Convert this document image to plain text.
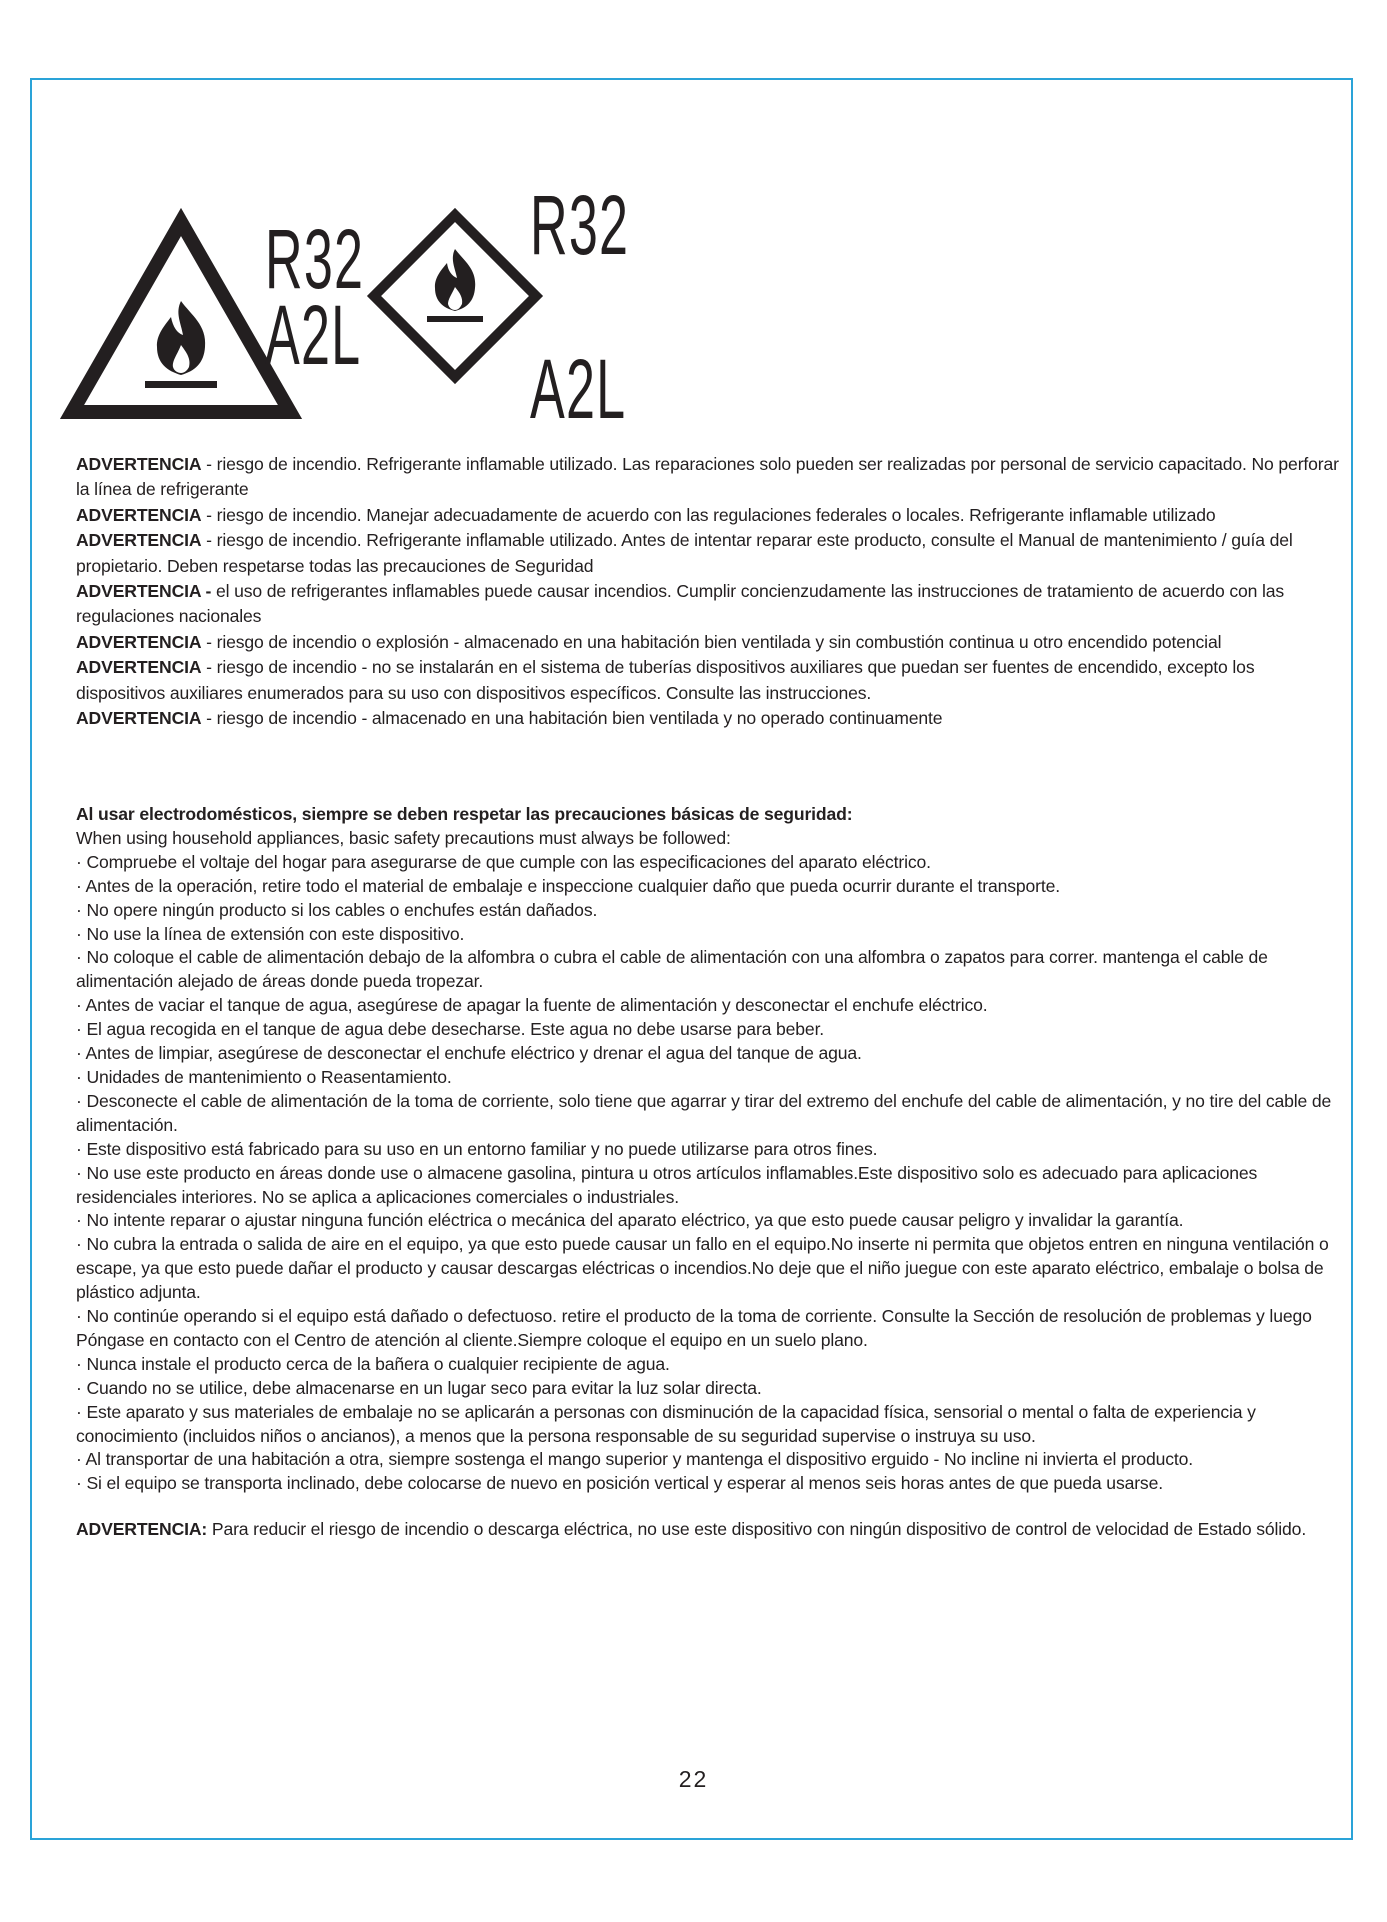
R32
A2L
R32
A2L

ADVERTENCIA - riesgo de incendio. Refrigerante inflamable utilizado. Las reparaciones solo pueden ser realizadas por personal de servicio capacitado. No perforar la línea de refrigerante

ADVERTENCIA - riesgo de incendio. Manejar adecuadamente de acuerdo con las regulaciones federales o locales. Refrigerante inflamable utilizado

ADVERTENCIA - riesgo de incendio. Refrigerante inflamable utilizado. Antes de intentar reparar este producto, consulte el Manual de mantenimiento / guía del propietario. Deben respetarse todas las precauciones de Seguridad

ADVERTENCIA - el uso de refrigerantes inflamables puede causar incendios. Cumplir concienzudamente las instrucciones de tratamiento de acuerdo con las regulaciones nacionales

ADVERTENCIA - riesgo de incendio o explosión - almacenado en una habitación bien ventilada y sin combustión continua u otro encendido potencial

ADVERTENCIA - riesgo de incendio - no se instalarán en el sistema de tuberías dispositivos auxiliares que puedan ser fuentes de encendido, excepto los dispositivos auxiliares enumerados para su uso con dispositivos específicos. Consulte las instrucciones.

ADVERTENCIA - riesgo de incendio - almacenado en una habitación bien ventilada y no operado continuamente

Al usar electrodomésticos, siempre se deben respetar las precauciones básicas de seguridad:

When using household appliances, basic safety precautions must always be followed:

· Compruebe el voltaje del hogar para asegurarse de que cumple con las especificaciones del aparato eléctrico.

· Antes de la operación, retire todo el material de embalaje e inspeccione cualquier daño que pueda ocurrir durante el transporte.

· No opere ningún producto si los cables o enchufes están dañados.

· No use la línea de extensión con este dispositivo.

· No coloque el cable de alimentación debajo de la alfombra o cubra el cable de alimentación con una alfombra o zapatos para correr. mantenga el cable de alimentación alejado de áreas donde pueda tropezar.

· Antes de vaciar el tanque de agua, asegúrese de apagar la fuente de alimentación y desconectar el enchufe eléctrico.

· El agua recogida en el tanque de agua debe desecharse. Este agua no debe usarse para beber.

· Antes de limpiar, asegúrese de desconectar el enchufe eléctrico y drenar el agua del tanque de agua.

· Unidades de mantenimiento o Reasentamiento.

· Desconecte el cable de alimentación de la toma de corriente, solo tiene que agarrar y tirar del extremo del enchufe del cable de alimentación, y no tire del cable de alimentación.

· Este dispositivo está fabricado para su uso en un entorno familiar y no puede utilizarse para otros fines.

· No use este producto en áreas donde use o almacene gasolina, pintura u otros artículos inflamables.Este dispositivo solo es adecuado para aplicaciones residenciales interiores. No se aplica a aplicaciones comerciales o industriales.

· No intente reparar o ajustar ninguna función eléctrica o mecánica del aparato eléctrico, ya que esto puede causar peligro y invalidar la garantía.

· No cubra la entrada o salida de aire en el equipo, ya que esto puede causar un fallo en el equipo.No inserte ni permita que objetos entren en ninguna ventilación o escape, ya que esto puede dañar el producto y causar descargas eléctricas o incendios.No deje que el niño juegue con este aparato eléctrico, embalaje o bolsa de plástico adjunta.

· No continúe operando si el equipo está dañado o defectuoso. retire el producto de la toma de corriente. Consulte la Sección de resolución de problemas y luego Póngase en contacto con el Centro de atención al cliente.Siempre coloque el equipo en un suelo plano.

· Nunca instale el producto cerca de la bañera o cualquier recipiente de agua.

· Cuando no se utilice, debe almacenarse en un lugar seco para evitar la luz solar directa.

· Este aparato y sus materiales de embalaje no se aplicarán a personas con disminución de la capacidad física, sensorial o mental o falta de experiencia y conocimiento (incluidos niños o ancianos), a menos que la persona responsable de su seguridad supervise o instruya su uso.

· Al transportar de una habitación a otra, siempre sostenga el mango superior y mantenga el dispositivo erguido - No incline ni invierta el producto.

· Si el equipo se transporta inclinado, debe colocarse de nuevo en posición vertical y esperar al menos seis horas antes de que pueda usarse.

ADVERTENCIA: Para reducir el riesgo de incendio o descarga eléctrica, no use este dispositivo con ningún dispositivo de control de velocidad de Estado sólido.

22
